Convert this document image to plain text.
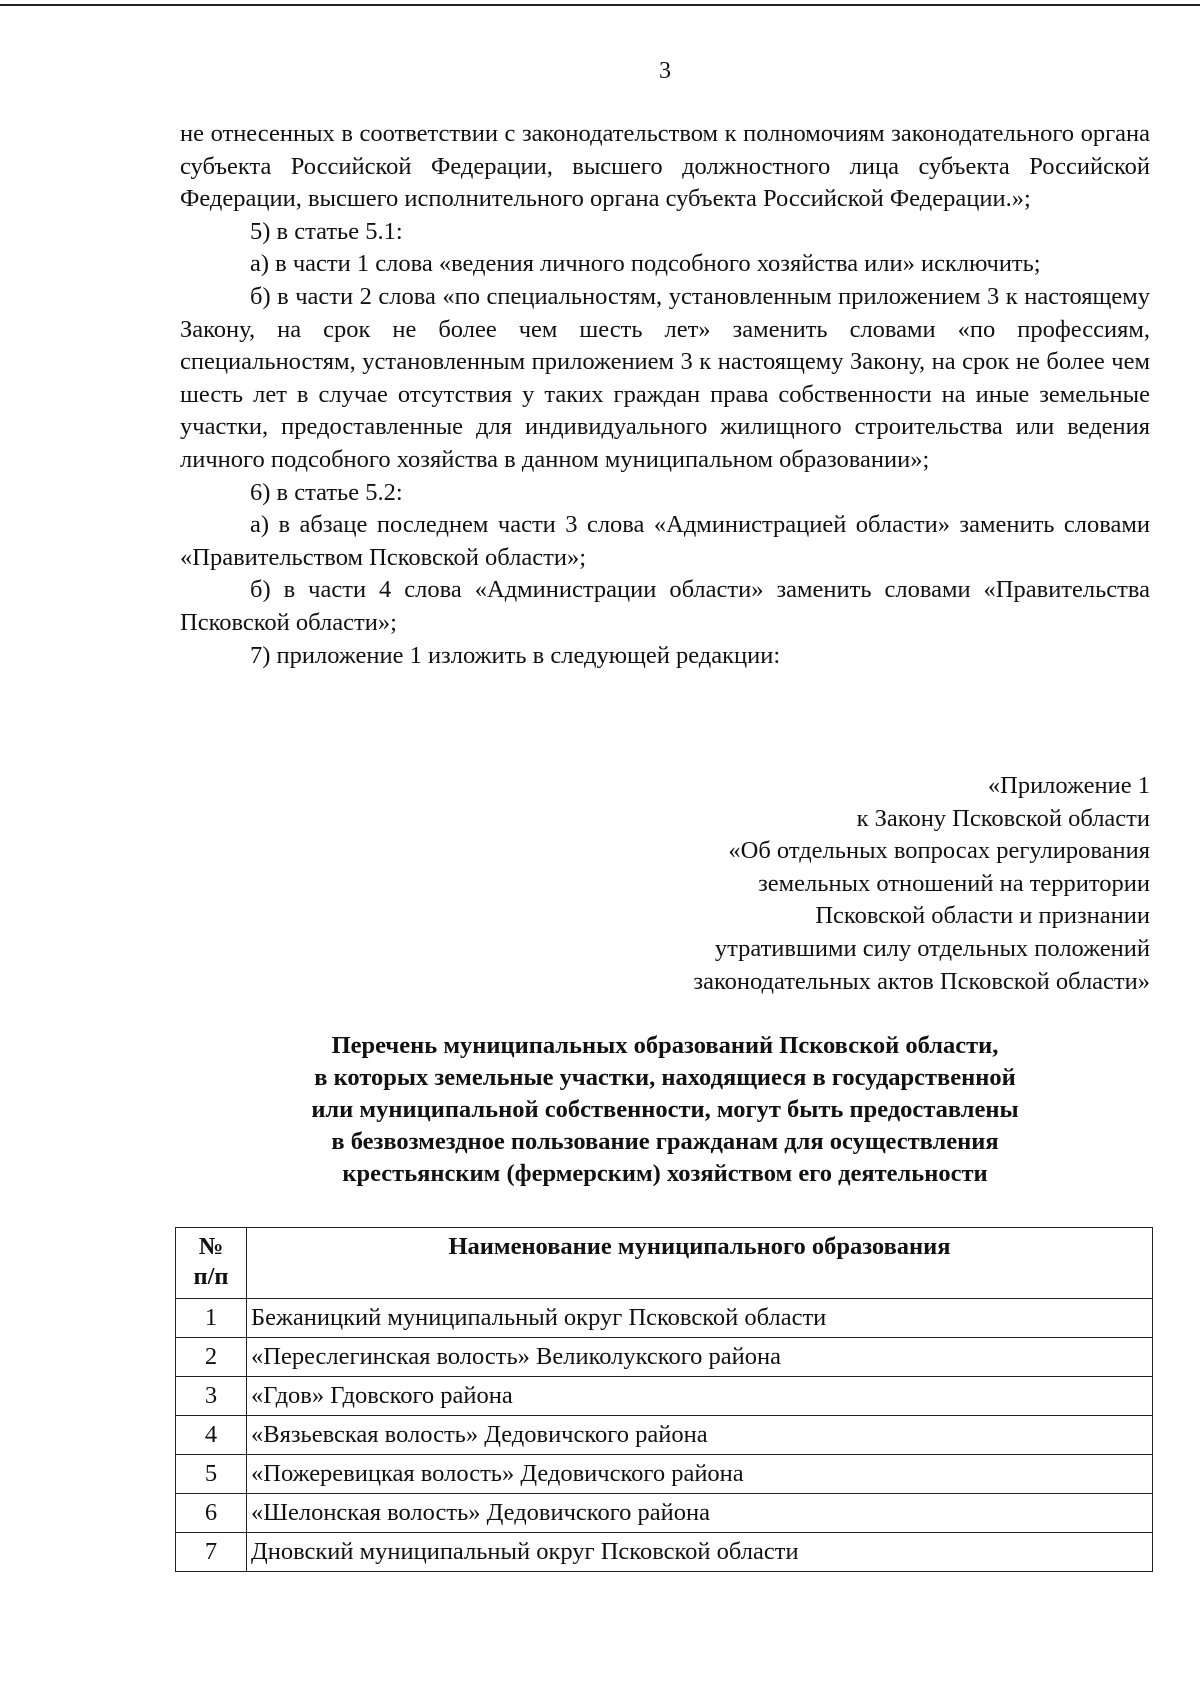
3

не отнесенных в соответствии с законодательством к полномочиям законодательного органа субъекта Российской Федерации, высшего должностного лица субъекта Российской Федерации, высшего исполнительного органа субъекта Российской Федерации.»;

5) в статье 5.1:

а) в части 1 слова «ведения личного подсобного хозяйства или» исключить;

б) в части 2 слова «по специальностям, установленным приложением 3 к настоящему Закону, на срок не более чем шесть лет» заменить словами «по профессиям, специальностям, установленным приложением 3 к настоящему Закону, на срок не более чем шесть лет в случае отсутствия у таких граждан права собственности на иные земельные участки, предоставленные для индивидуального жилищного строительства или ведения личного подсобного хозяйства в данном муниципальном образовании»;

6) в статье 5.2:

а) в абзаце последнем части 3 слова «Администрацией области» заменить словами «Правительством Псковской области»;

б) в части 4 слова «Администрации области» заменить словами «Правительства Псковской области»;

7) приложение 1 изложить в следующей редакции:

«Приложение 1
к Закону Псковской области
«Об отдельных вопросах регулирования
земельных отношений на территории
Псковской области и признании
утратившими силу отдельных положений
законодательных актов Псковской области»
Перечень муниципальных образований Псковской области,
в которых земельные участки, находящиеся в государственной
или муниципальной собственности, могут быть предоставлены
в безвозмездное пользование гражданам для осуществления
крестьянским (фермерским) хозяйством его деятельности
№
п/п	Наименование муниципального образования
1	Бежаницкий муниципальный округ Псковской области
2	«Переслегинская волость» Великолукского района
3	«Гдов» Гдовского района
4	«Вязьевская волость» Дедовичского района
5	«Пожеревицкая волость» Дедовичского района
6	«Шелонская волость» Дедовичского района
7	Дновский муниципальный округ Псковской области
